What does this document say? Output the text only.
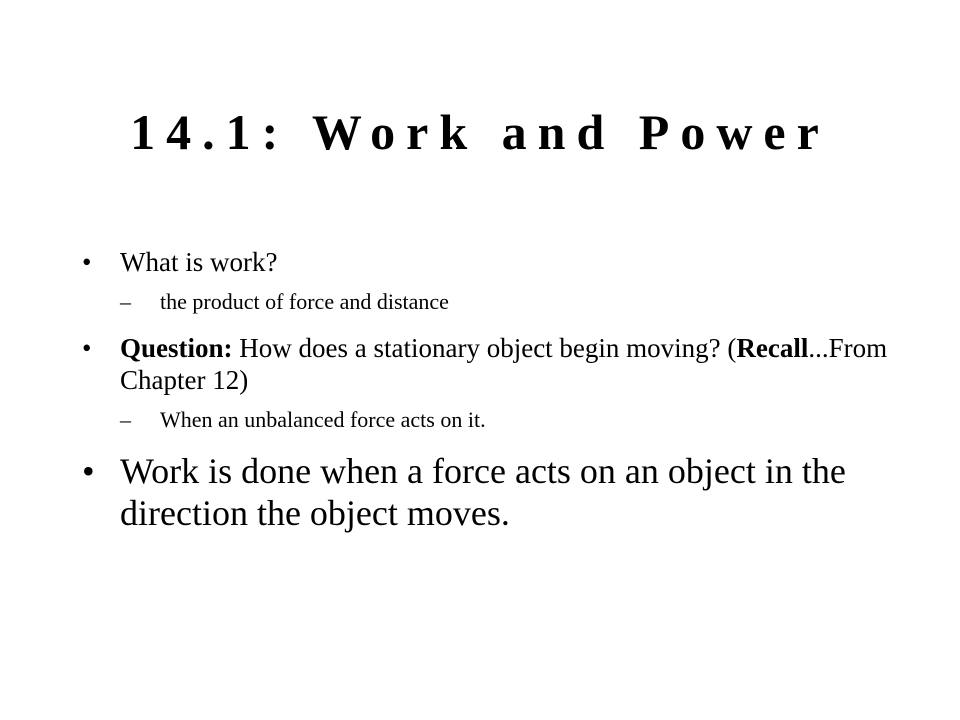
14.1: Work and Power
• What is work?
– the product of force and distance
• Question: How does a stationary object begin moving? (Recall...From Chapter 12)
– When an unbalanced force acts on it.
• Work is done when a force acts on an object in the direction the object moves.
